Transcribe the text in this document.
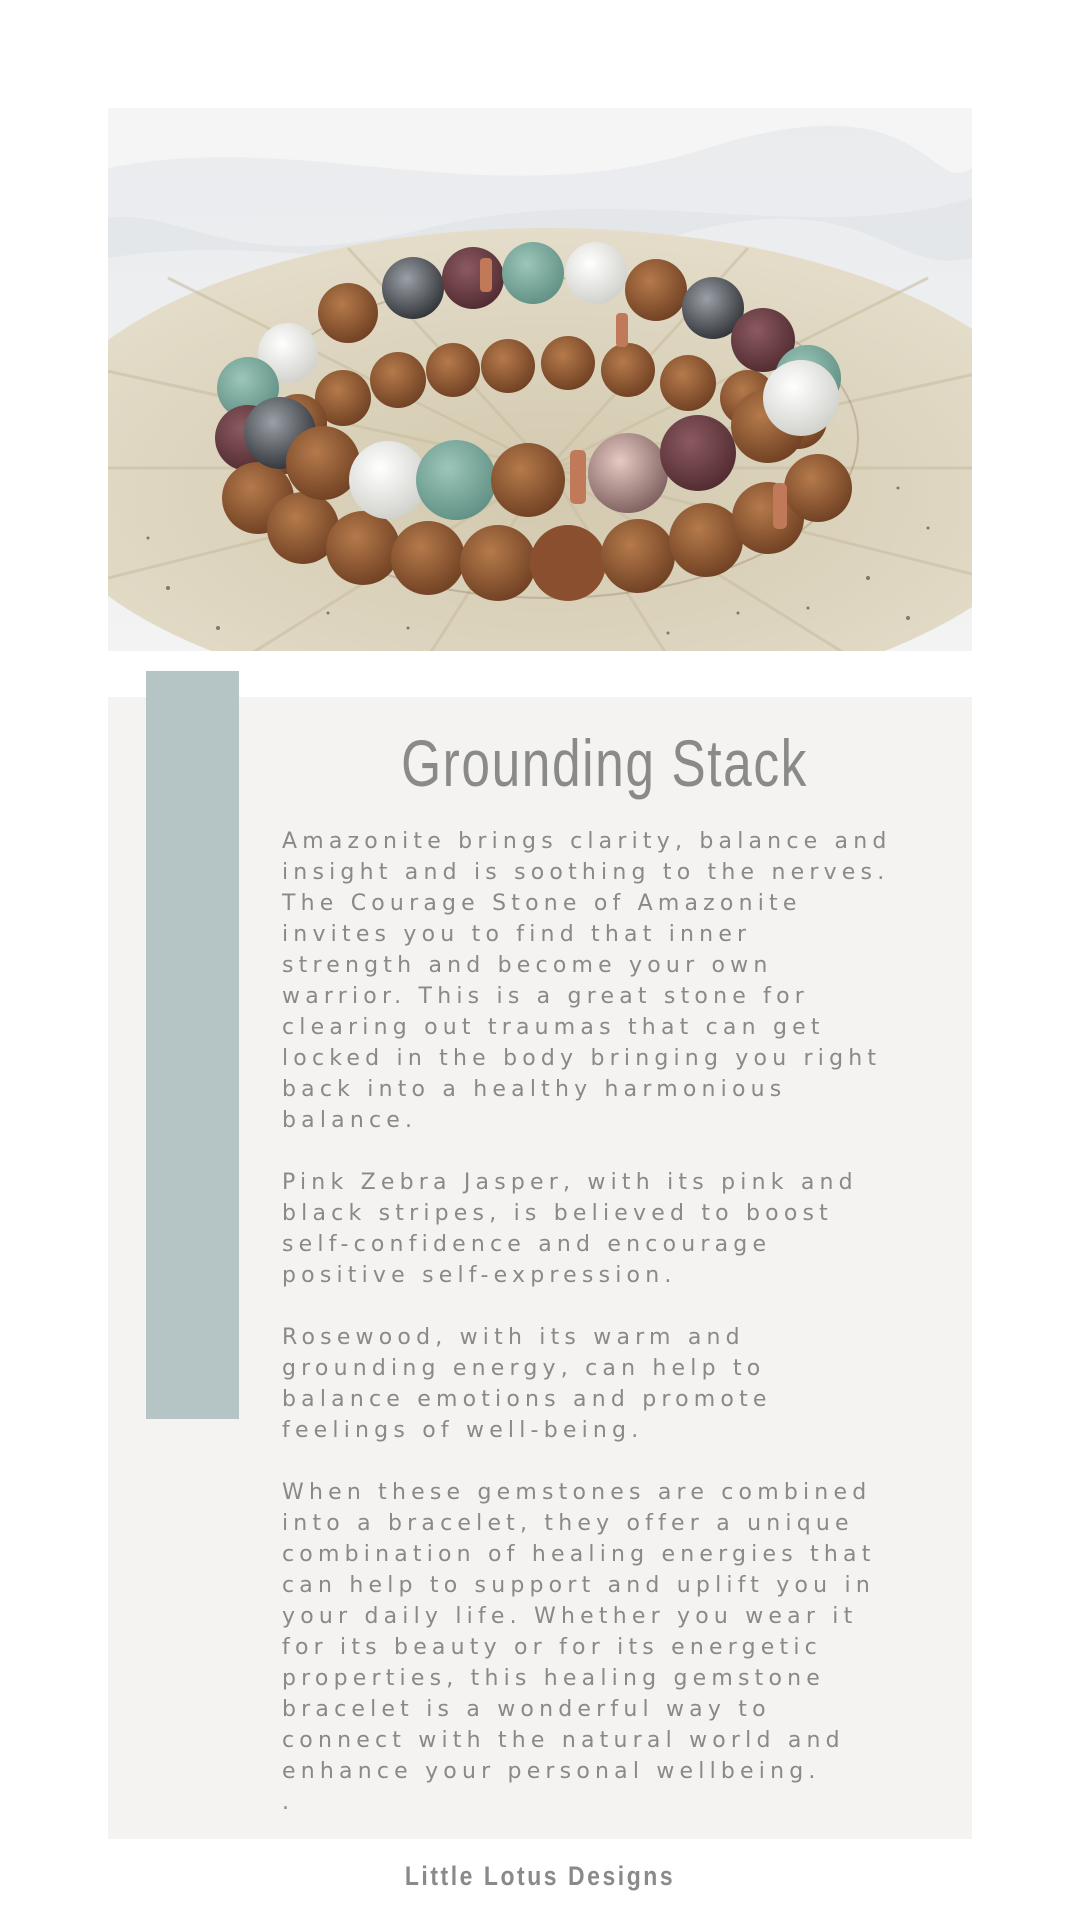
Grounding Stack

Amazonite brings clarity, balance and
insight and is soothing to the nerves.
The Courage Stone of Amazonite
invites you to find that inner
strength and become your own
warrior. This is a great stone for
clearing out traumas that can get
locked in the body bringing you right
back into a healthy harmonious
balance.

Pink Zebra Jasper, with its pink and
black stripes, is believed to boost
self-confidence and encourage
positive self-expression.

Rosewood, with its warm and
grounding energy, can help to
balance emotions and promote
feelings of well-being.

When these gemstones are combined
into a bracelet, they offer a unique
combination of healing energies that
can help to support and uplift you in
your daily life. Whether you wear it
for its beauty or for its energetic
properties, this healing gemstone
bracelet is a wonderful way to
connect with the natural world and
enhance your personal wellbeing.
.

Little Lotus Designs
